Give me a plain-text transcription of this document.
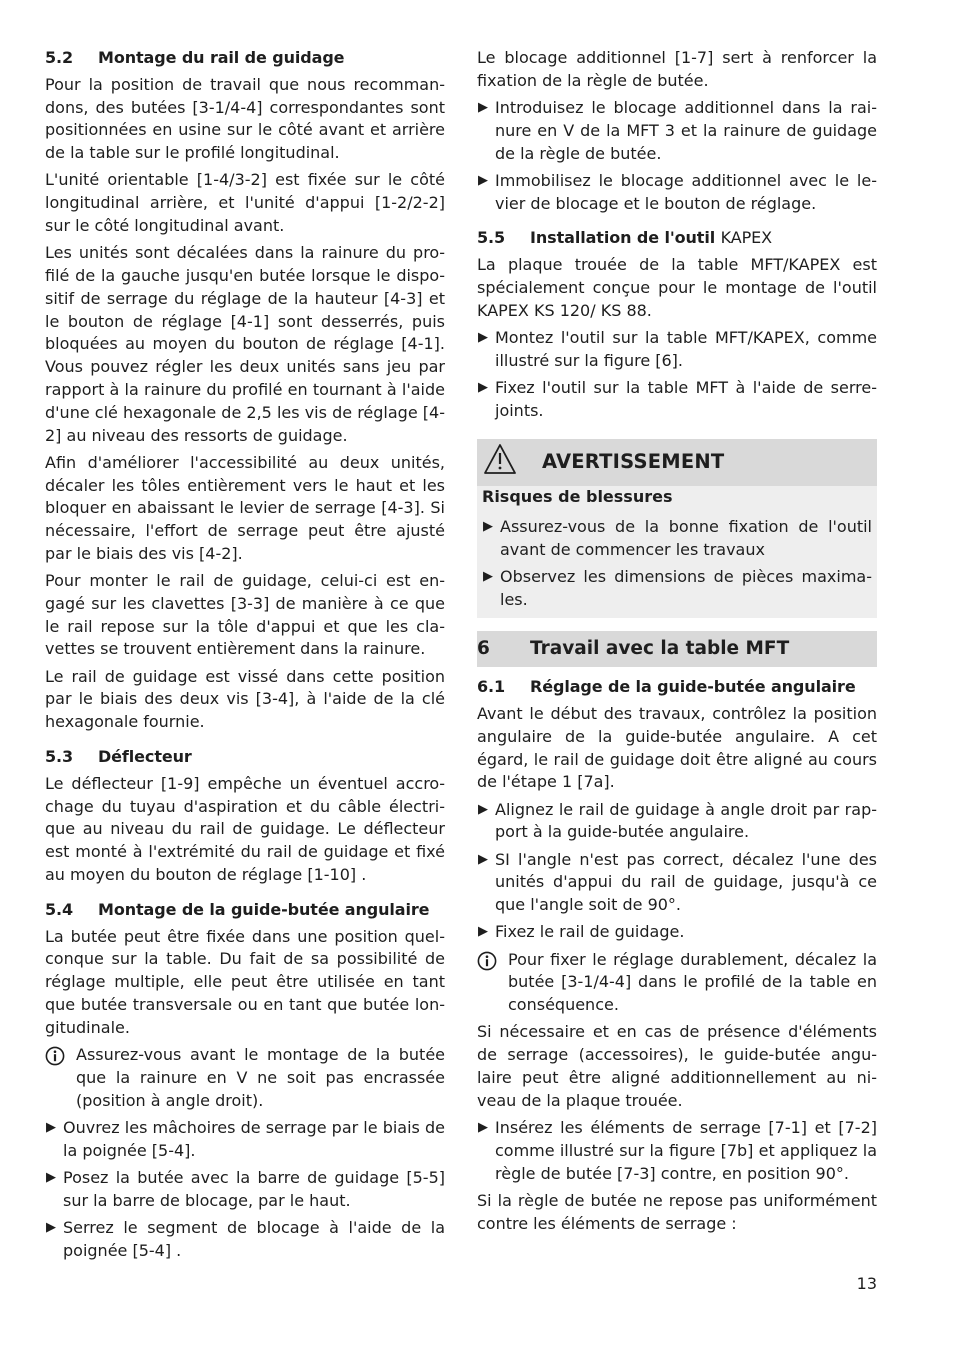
5.2	Montage du rail de guidage

Pour la position de travail que nous recommandons, des butées [3-1/4-4] correspondantes sont positionnées en usine sur le côté avant et arrière de la table sur le profilé longitudinal.

L'unité orientable [1-4/3-2] est fixée sur le côté longitudinal arrière, et l'unité d'appui [1-2/2-2] sur le côté longitudinal avant.

Les unités sont décalées dans la rainure du profilé de la gauche jusqu'en butée lorsque le dispositif de serrage du réglage de la hauteur [4-3] et le bouton de réglage [4-1] sont desserrés, puis bloquées au moyen du bouton de réglage [4-1]. Vous pouvez régler les deux unités sans jeu par rapport à la rainure du profilé en tournant à l'aide d'une clé hexagonale de 2,5 les vis de réglage [4-2] au niveau des ressorts de guidage.

Afin d'améliorer l'accessibilité au deux unités, décaler les tôles entièrement vers le haut et les bloquer en abaissant le levier de serrage [4-3]. Si nécessaire, l'effort de serrage peut être ajusté par le biais des vis [4-2].

Pour monter le rail de guidage, celui-ci est engagé sur les clavettes [3-3] de manière à ce que le rail repose sur la tôle d'appui et que les clavettes se trouvent entièrement dans la rainure.

Le rail de guidage est vissé dans cette position par le biais des deux vis [3-4], à l'aide de la clé hexagonale fournie.

5.3	Déflecteur

Le déflecteur [1-9] empêche un éventuel accrochage du tuyau d'aspiration et du câble électrique au niveau du rail de guidage. Le déflecteur est monté à l'extrémité du rail de guidage et fixé au moyen du bouton de réglage [1-10] .

5.4	Montage de la guide-butée angulaire

La butée peut être fixée dans une position quelconque sur la table. Du fait de sa possibilité de réglage multiple, elle peut être utilisée en tant que butée transversale ou en tant que butée longitudinale.

Assurez-vous avant le montage de la butée que la rainure en V ne soit pas encrassée (position à angle droit).
▶ Ouvrez les mâchoires de serrage par le biais de la poignée [5-4].
▶ Posez la butée avec la barre de guidage [5-5] sur la barre de blocage, par le haut.
▶ Serrez le segment de blocage à l'aide de la poignée [5-4] .

Le blocage additionnel [1-7] sert à renforcer la fixation de la règle de butée.

▶ Introduisez le blocage additionnel dans la rainure en V de la MFT 3 et la rainure de guidage de la règle de butée.
▶ Immobilisez le blocage additionnel avec le levier de blocage et le bouton de réglage.
5.5	Installation de l'outil KAPEX

La plaque trouée de la table MFT/KAPEX est spécialement conçue pour le montage de l'outil KAPEX KS 120/ KS 88.

▶ Montez l'outil sur la table MFT/KAPEX, comme illustré sur la figure [6].
▶ Fixez l'outil sur la table MFT à l'aide de serrejoints.
AVERTISSEMENT
Risques de blessures
▶ Assurez-vous de la bonne fixation de l'outil avant de commencer les travaux
▶ Observez les dimensions de pièces maximales.
6	Travail avec la table MFT
6.1	Réglage de la guide-butée angulaire

Avant le début des travaux, contrôlez la position angulaire de la guide-butée angulaire. A cet égard, le rail de guidage doit être aligné au cours de l'étape 1 [7a].

▶ Alignez le rail de guidage à angle droit par rapport à la guide-butée angulaire.
▶ SI l'angle n'est pas correct, décalez l'une des unités d'appui du rail de guidage, jusqu'à ce que l'angle soit de 90°.
▶ Fixez le rail de guidage.
Pour fixer le réglage durablement, décalez la butée [3-1/4-4] dans le profilé de la table en conséquence.

Si nécessaire et en cas de présence d'éléments de serrage (accessoires), le guide-butée angulaire peut être aligné additionnellement au niveau de la plaque trouée.

▶ Insérez les éléments de serrage [7-1] et [7-2] comme illustré sur la figure [7b] et appliquez la règle de butée [7-3] contre, en position 90°.

Si la règle de butée ne repose pas uniformément contre les éléments de serrage :

13
